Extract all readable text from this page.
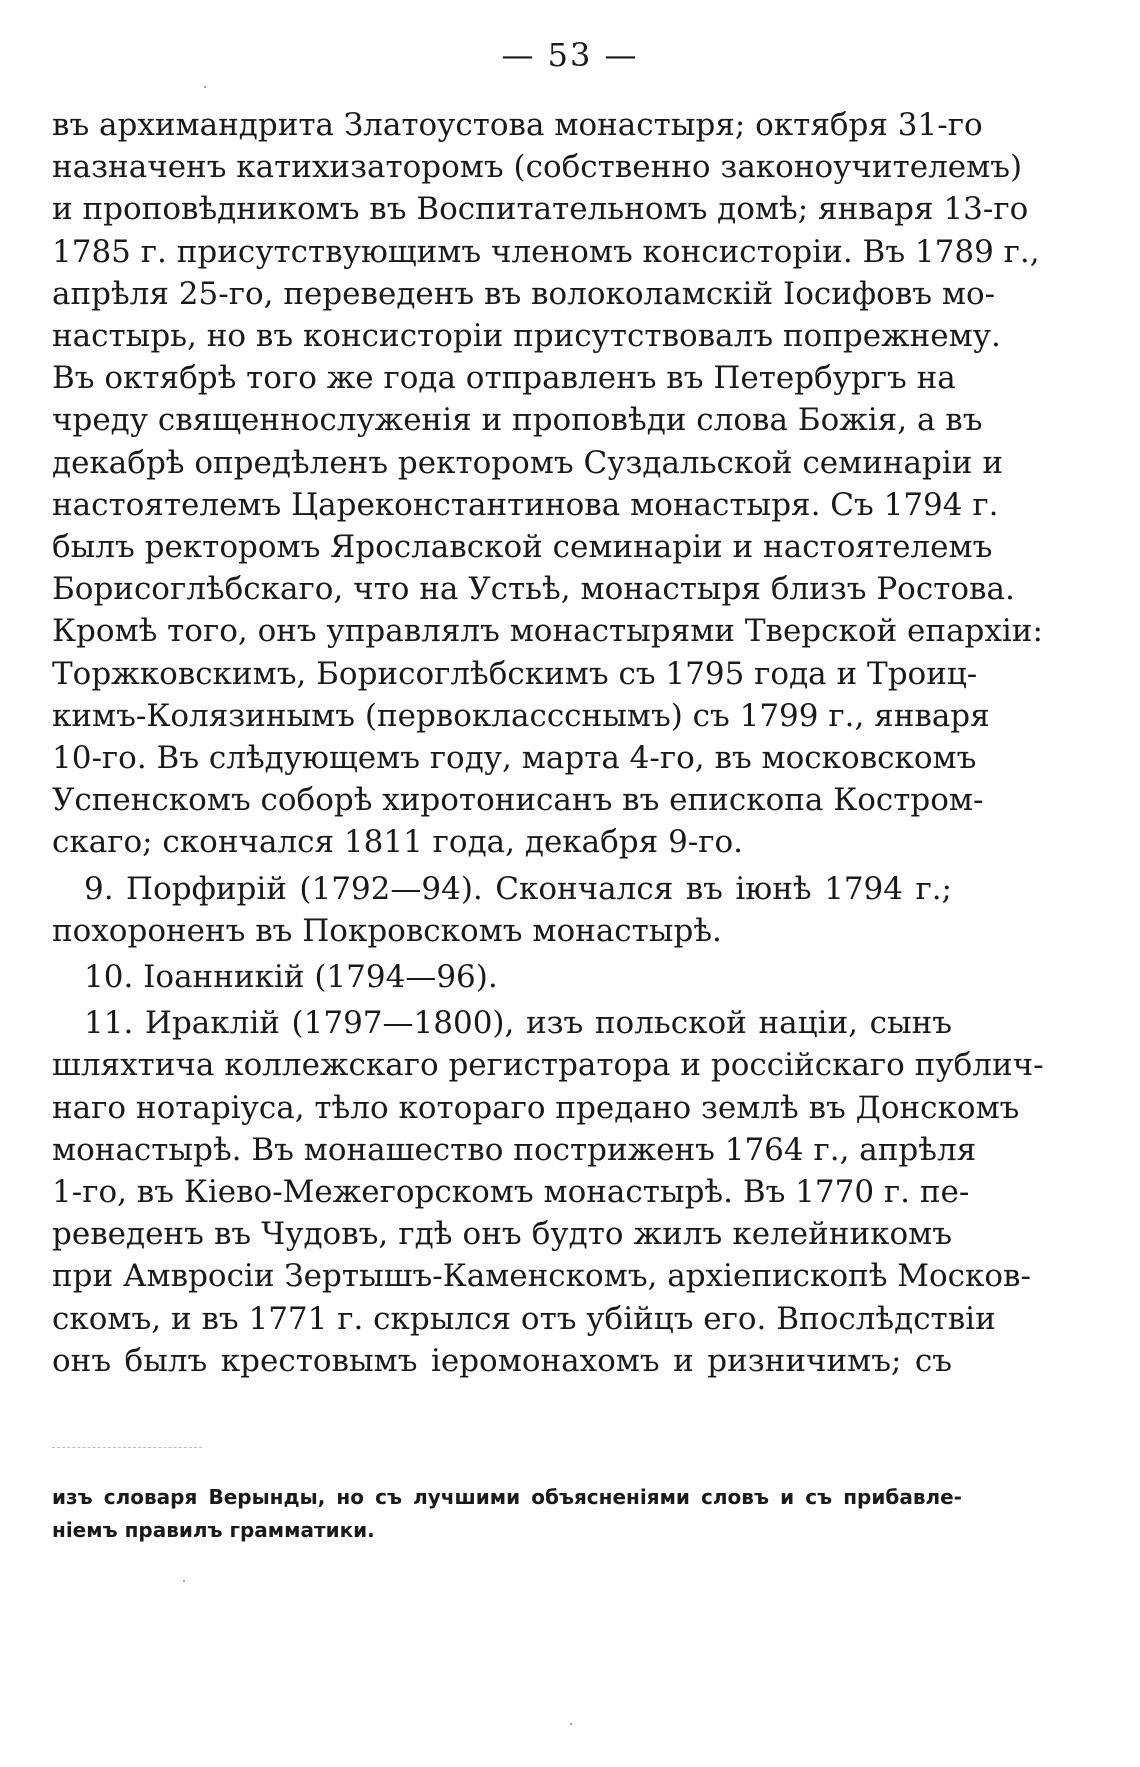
— 53 —
въ архимандрита Златоустова монастыря; октября 31-го
назначенъ катихизаторомъ (собственно законоучителемъ)
и проповѣдникомъ въ Воспитательномъ домѣ; января 13-го
1785 г. присутствующимъ членомъ консисторіи. Въ 1789 г.,
апрѣля 25-го, переведенъ въ волоколамскій Іосифовъ мо-
настырь, но въ консисторіи присутствовалъ попрежнему.
Въ октябрѣ того же года отправленъ въ Петербургъ на
чреду священнослуженія и проповѣди слова Божія, а въ
декабрѣ опредѣленъ ректоромъ Суздальской семинаріи и
настоятелемъ Цареконстантинова монастыря. Съ 1794 г.
былъ ректоромъ Ярославской семинаріи и настоятелемъ
Борисоглѣбскаго, что на Устьѣ, монастыря близъ Ростова.
Кромѣ того, онъ управлялъ монастырями Тверской епархіи:
Торжковскимъ, Борисоглѣбскимъ съ 1795 года и Троиц-
кимъ-Колязинымъ (первоклассснымъ) съ 1799 г., января
10-го. Въ слѣдующемъ году, марта 4-го, въ московскомъ
Успенскомъ соборѣ хиротонисанъ въ епископа Костром-
скаго; скончался 1811 года, декабря 9-го.
9. Порфирій (1792—94). Скончался въ іюнѣ 1794 г.;
похороненъ въ Покровскомъ монастырѣ.
10. Іоанникій (1794—96).
11. Ираклій (1797—1800), изъ польской націи, сынъ
шляхтича коллежскаго регистратора и россійскаго публич-
наго нотаріуса, тѣло котораго предано землѣ въ Донскомъ
монастырѣ. Въ монашество постриженъ 1764 г., апрѣля
1-го, въ Кіево-Межегорскомъ монастырѣ. Въ 1770 г. пе-
реведенъ въ Чудовъ, гдѣ онъ будто жилъ келейникомъ
при Амвросіи Зертышъ-Каменскомъ, архіепископѣ Москов-
скомъ, и въ 1771 г. скрылся отъ убійцъ его. Впослѣдствіи
онъ былъ крестовымъ іеромонахомъ и ризничимъ; съ
изъ словаря Верынды, но съ лучшими объясненіями словъ и съ прибавле-
ніемъ правилъ грамматики.
